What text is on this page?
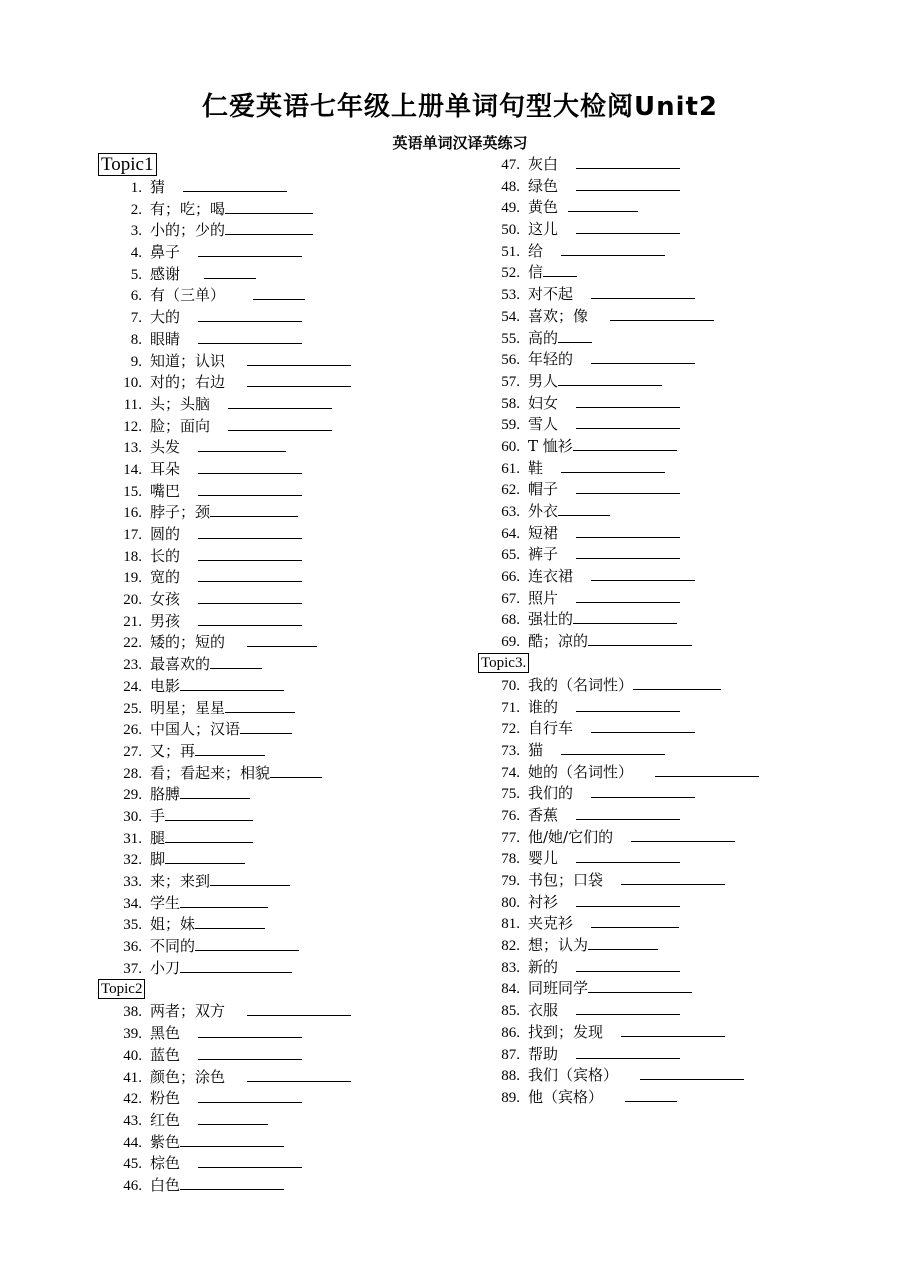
仁爱英语七年级上册单词句型大检阅Unit2
英语单词汉译英练习
Topic1
1. 猜
2. 有；吃；喝
3. 小的；少的
4. 鼻子
5. 感谢
6. 有（三单）
7. 大的
8. 眼睛
9. 知道；认识
10. 对的；右边
11. 头；头脑
12. 脸；面向
13. 头发
14. 耳朵
15. 嘴巴
16. 脖子；颈
17. 圆的
18. 长的
19. 宽的
20. 女孩
21. 男孩
22. 矮的；短的
23. 最喜欢的
24. 电影
25. 明星；星星
26. 中国人；汉语
27. 又；再
28. 看；看起来；相貌
29. 胳膊
30. 手
31. 腿
32. 脚
33. 来；来到
34. 学生
35. 姐；妹
36. 不同的
37. 小刀
Topic2
38. 两者；双方
39. 黑色
40. 蓝色
41. 颜色；涂色
42. 粉色
43. 红色
44. 紫色
45. 棕色
46. 白色
47. 灰白
48. 绿色
49. 黄色
50. 这儿
51. 给
52. 信
53. 对不起
54. 喜欢；像
55. 高的
56. 年轻的
57. 男人
58. 妇女
59. 雪人
60. T 恤衫
61. 鞋
62. 帽子
63. 外衣
64. 短裙
65. 裤子
66. 连衣裙
67. 照片
68. 强壮的
69. 酷；凉的
Topic3.
70. 我的（名词性）
71. 谁的
72. 自行车
73. 猫
74. 她的（名词性）
75. 我们的
76. 香蕉
77. 他/她/它们的
78. 婴儿
79. 书包；口袋
80. 衬衫
81. 夹克衫
82. 想；认为
83. 新的
84. 同班同学
85. 衣服
86. 找到；发现
87. 帮助
88. 我们（宾格）
89. 他（宾格）
